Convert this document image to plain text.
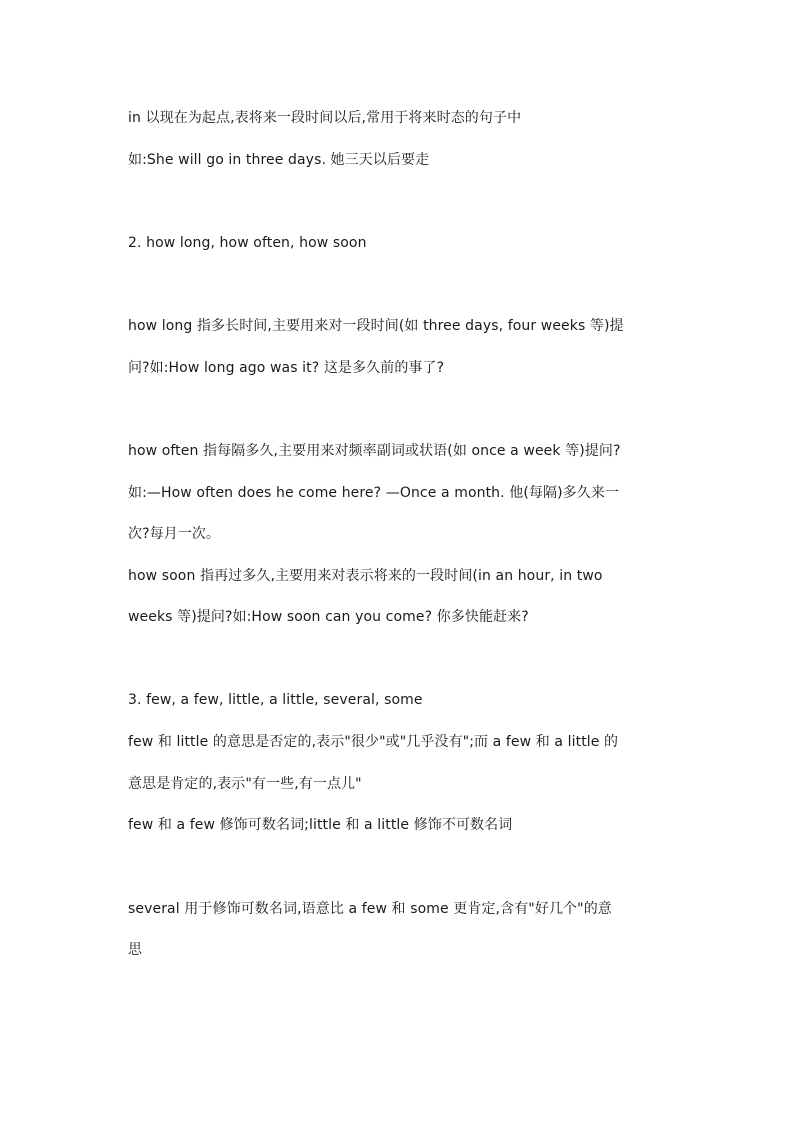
in 以现在为起点,表将来一段时间以后,常用于将来时态的句子中
如:She will go in three days. 她三天以后要走
2. how long, how often, how soon
how long 指多长时间,主要用来对一段时间(如 three days, four weeks 等)提
问?如:How long ago was it? 这是多久前的事了?
how often 指每隔多久,主要用来对频率副词或状语(如 once a week 等)提问?
如:—How often does he come here? —Once a month. 他(每隔)多久来一
次?每月一次。
how soon 指再过多久,主要用来对表示将来的一段时间(in an hour, in two
weeks 等)提问?如:How soon can you come? 你多快能赶来?
3. few, a few, little, a little, several, some
few 和 little 的意思是否定的,表示"很少"或"几乎没有";而 a few 和 a little 的
意思是肯定的,表示"有一些,有一点儿"
few 和 a few 修饰可数名词;little 和 a little 修饰不可数名词
several 用于修饰可数名词,语意比 a few 和 some 更肯定,含有"好几个"的意
思
